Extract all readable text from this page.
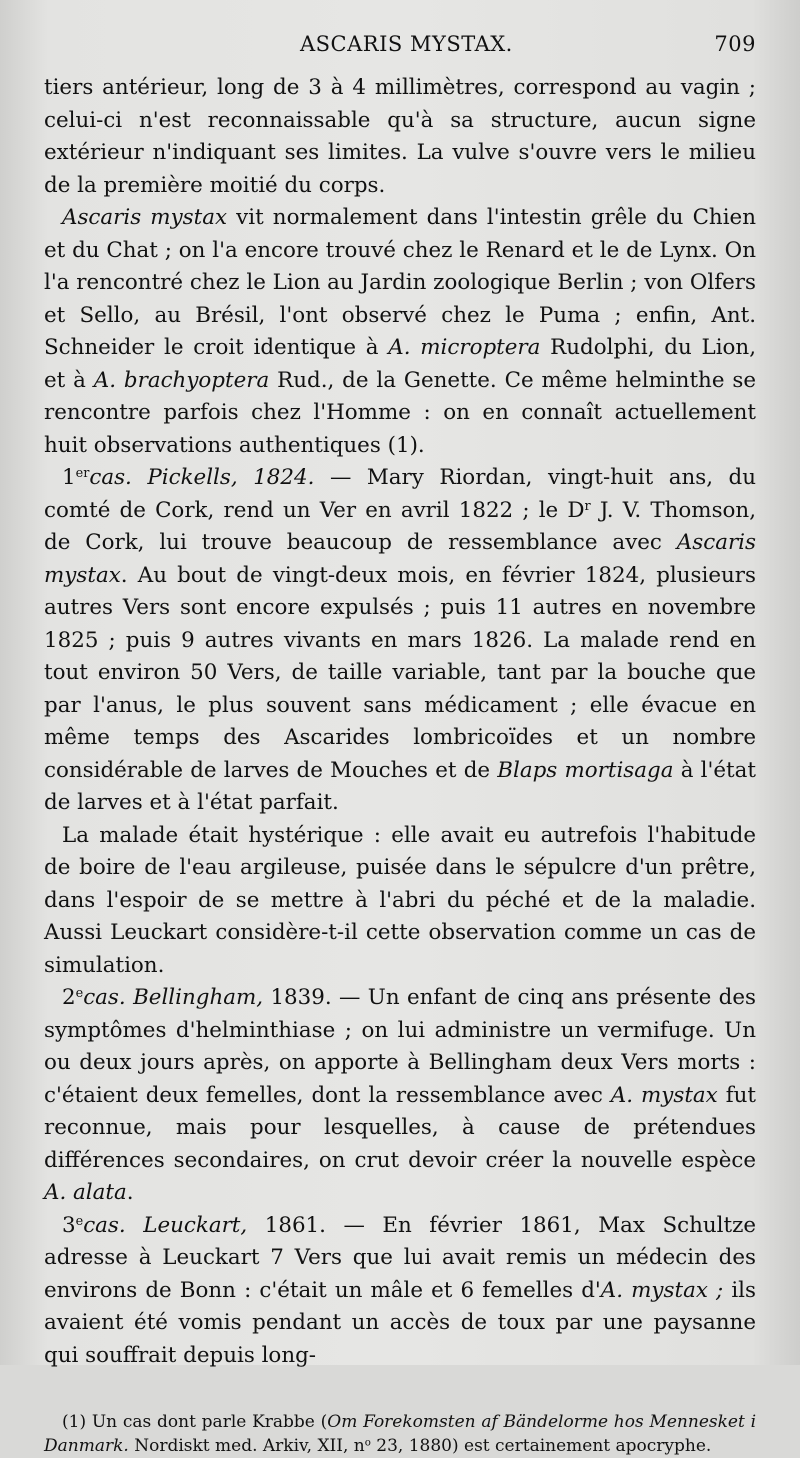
ASCARIS MYSTAX.	709

tiers antérieur, long de 3 à 4 millimètres, correspond au vagin ; celui-ci n'est reconnaissable qu'à sa structure, aucun signe extérieur n'indiquant ses limites. La vulve s'ouvre vers le milieu de la première moitié du corps.

Ascaris mystax vit normalement dans l'intestin grêle du Chien et du Chat ; on l'a encore trouvé chez le Renard et le de Lynx. On l'a rencontré chez le Lion au Jardin zoologique Berlin ; von Olfers et Sello, au Brésil, l'ont observé chez le Puma ; enfin, Ant. Schneider le croit identique à A. microptera Rudolphi, du Lion, et à A. brachyoptera Rud., de la Genette. Ce même helminthe se rencontre parfois chez l'Homme : on en connaît actuellement huit observations authentiques (1).

1ercas. Pickells, 1824. — Mary Riordan, vingt-huit ans, du comté de Cork, rend un Ver en avril 1822 ; le $D^r$ J. V. Thomson, de Cork, lui trouve beaucoup de ressemblance avec Ascaris mystax. Au bout de vingt-deux mois, en février 1824, plusieurs autres Vers sont encore expulsés ; puis 11 autres en novembre 1825 ; puis 9 autres vivants en mars 1826. La malade rend en tout environ 50 Vers, de taille variable, tant par la bouche que par l'anus, le plus souvent sans médicament ; elle évacue en même temps des Ascarides lombricoïdes et un nombre considérable de larves de Mouches et de Blaps mortisaga à l'état de larves et à l'état parfait.

La malade était hystérique : elle avait eu autrefois l'habitude de boire de l'eau argileuse, puisée dans le sépulcre d'un prêtre, dans l'espoir de se mettre à l'abri du péché et de la maladie. Aussi Leuckart considère-t-il cette observation comme un cas de simulation.

2ecas. Bellingham, 1839. — Un enfant de cinq ans présente des symptômes d'helminthiase ; on lui administre un vermifuge. Un ou deux jours après, on apporte à Bellingham deux Vers morts : c'étaient deux femelles, dont la ressemblance avec A. mystax fut reconnue, mais pour lesquelles, à cause de prétendues différences secondaires, on crut devoir créer la nouvelle espèce A. alata.

3ecas. Leuckart, 1861. — En février 1861, Max Schultze adresse à Leuckart 7 Vers que lui avait remis un médecin des environs de Bonn : c'était un mâle et 6 femelles d'A. mystax ; ils avaient été vomis pendant un accès de toux par une paysanne qui souffrait depuis long-

(1) Un cas dont parle Krabbe (Om Forekomsten af Bändelorme hos Mennesket i Danmark. Nordiskt med. Arkiv, XII, $n^o$ 23, 1880) est certainement apocryphe.
